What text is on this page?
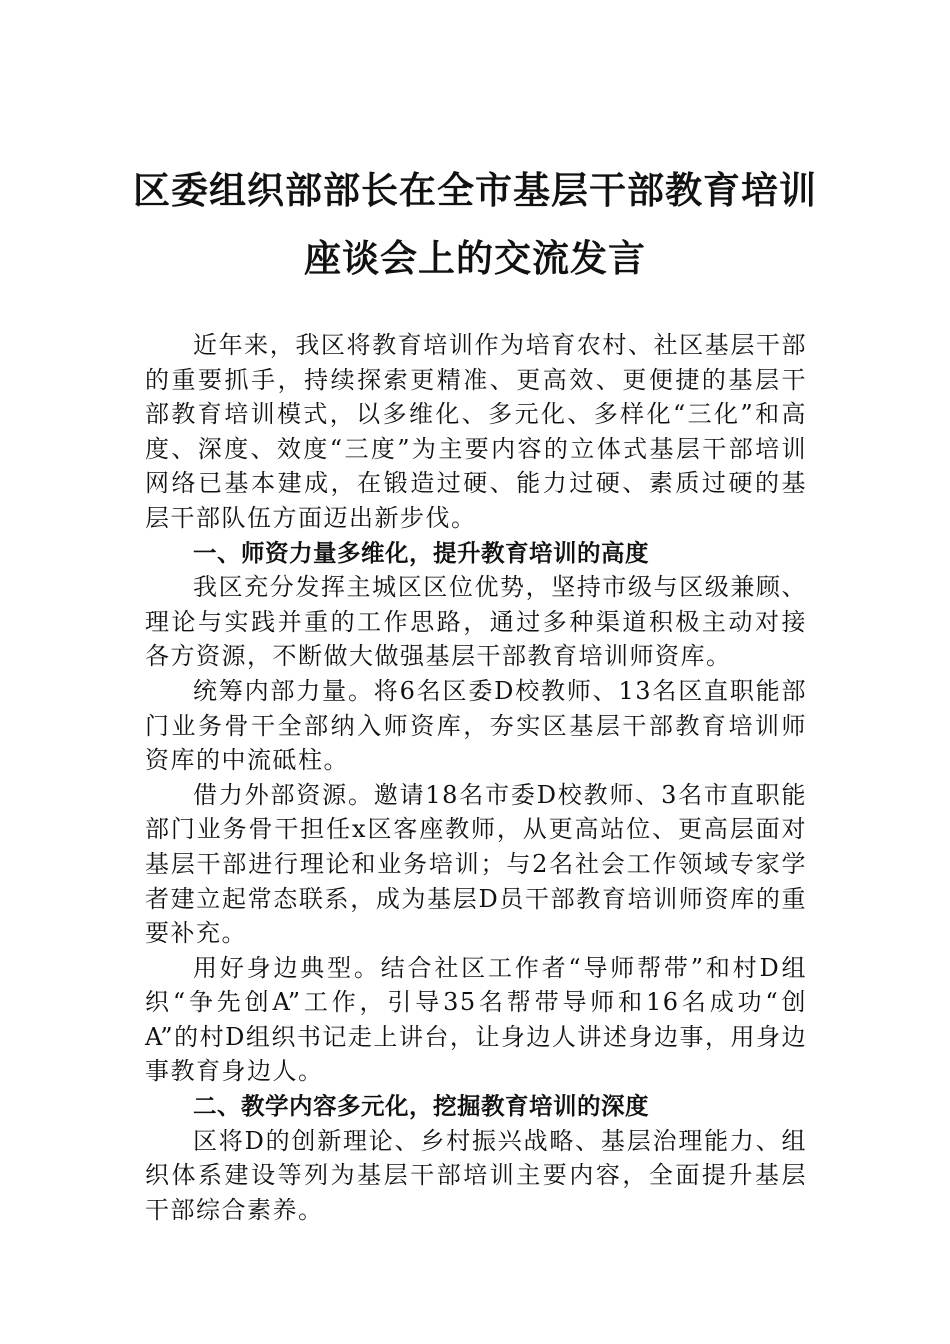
区委组织部部长在全市基层干部教育培训
座谈会上的交流发言

近年来，我区将教育培训作为培育农村、社区基层干部的重要抓手，持续探索更精准、更高效、更便捷的基层干部教育培训模式，以多维化、多元化、多样化“三化”和高度、深度、效度“三度”为主要内容的立体式基层干部培训网络已基本建成，在锻造过硬、能力过硬、素质过硬的基层干部队伍方面迈出新步伐。

一、师资力量多维化，提升教育培训的高度

我区充分发挥主城区区位优势，坚持市级与区级兼顾、理论与实践并重的工作思路，通过多种渠道积极主动对接各方资源，不断做大做强基层干部教育培训师资库。

统筹内部力量。将6名区委D校教师、13名区直职能部门业务骨干全部纳入师资库，夯实区基层干部教育培训师资库的中流砥柱。

借力外部资源。邀请18名市委D校教师、3名市直职能部门业务骨干担任x区客座教师，从更高站位、更高层面对基层干部进行理论和业务培训；与2名社会工作领域专家学者建立起常态联系，成为基层D员干部教育培训师资库的重要补充。

用好身边典型。结合社区工作者“导师帮带”和村D组织“争先创A”工作，引导35名帮带导师和16名成功“创A”的村D组织书记走上讲台，让身边人讲述身边事，用身边事教育身边人。

二、教学内容多元化，挖掘教育培训的深度

区将D的创新理论、乡村振兴战略、基层治理能力、组织体系建设等列为基层干部培训主要内容，全面提升基层干部综合素养。
